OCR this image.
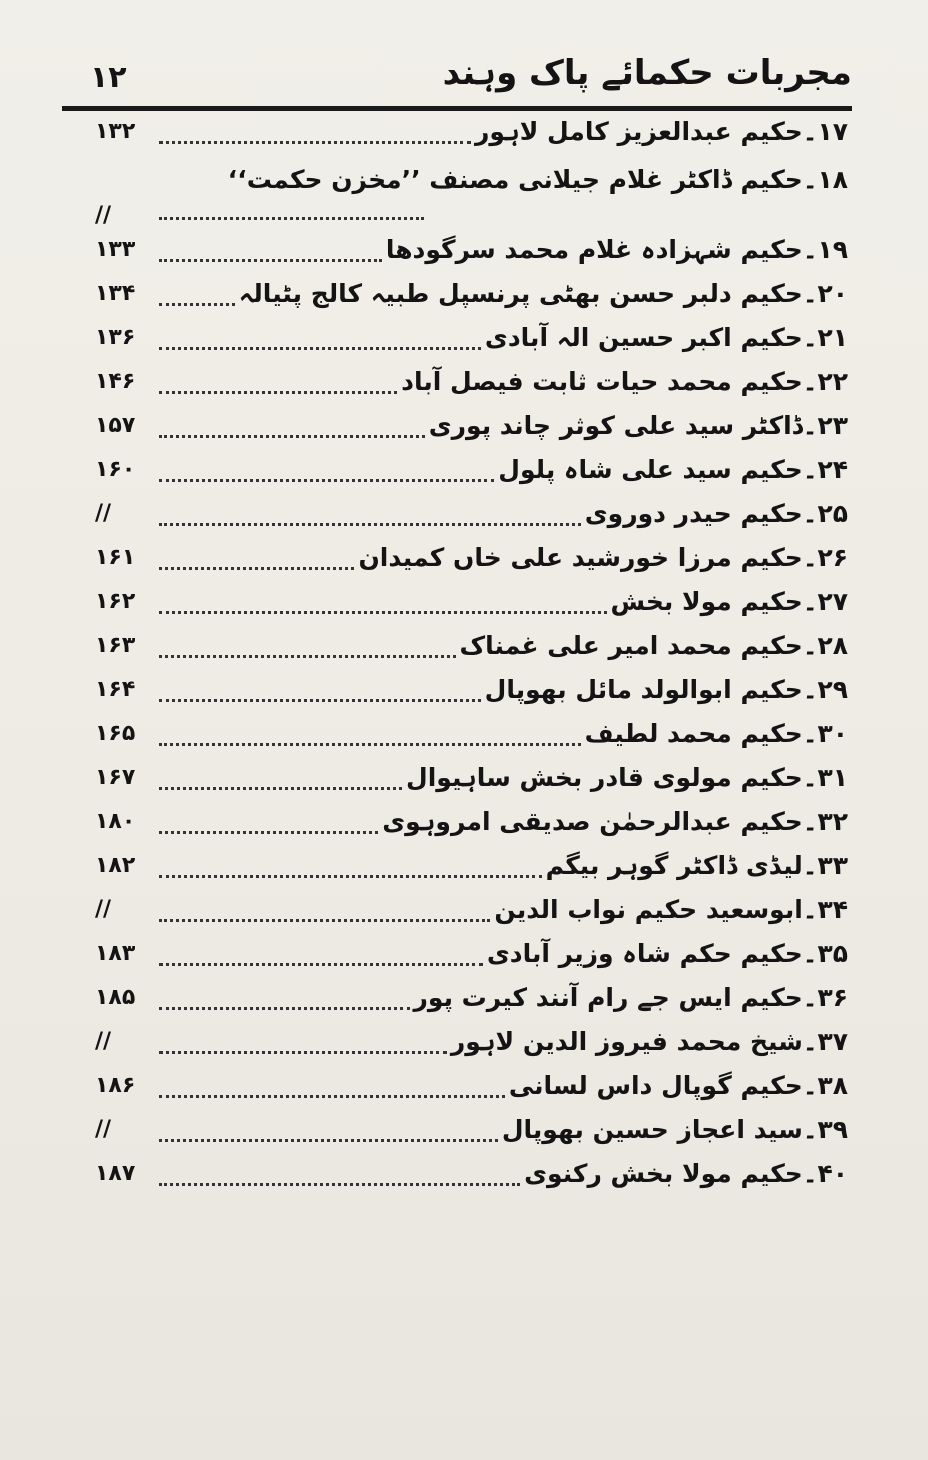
۱۲	مجربات حکمائے پاک وہند
۱۷۔حکیم عبدالعزیز کامل لاہور
۱۳۲
۱۸۔حکیم ڈاکٹر غلام جیلانی مصنف ’’مخزن حکمت‘‘
//
۱۹۔حکیم شہزادہ غلام محمد سرگودھا
۱۳۳
۲۰۔حکیم دلبر حسن بھٹی پرنسپل طبیہ کالج پٹیالہ
۱۳۴
۲۱۔حکیم اکبر حسین الہ آبادی
۱۳۶
۲۲۔حکیم محمد حیات ثابت فیصل آباد
۱۴۶
۲۳۔ڈاکٹر سید علی کوثر چاند پوری
۱۵۷
۲۴۔حکیم سید علی شاہ پلول
۱۶۰
۲۵۔حکیم حیدر دوروی
//
۲۶۔حکیم مرزا خورشید علی خاں کمیدان
۱۶۱
۲۷۔حکیم مولا بخش
۱۶۲
۲۸۔حکیم محمد امیر علی غمناک
۱۶۳
۲۹۔حکیم ابوالولد مائل بھوپال
۱۶۴
۳۰۔حکیم محمد لطیف
۱۶۵
۳۱۔حکیم مولوی قادر بخش ساہیوال
۱۶۷
۳۲۔حکیم عبدالرحمٰن صدیقی امروہوی
۱۸۰
۳۳۔لیڈی ڈاکٹر گوہر بیگم
۱۸۲
۳۴۔ابوسعید حکیم نواب الدین
//
۳۵۔حکیم حکم شاہ وزیر آبادی
۱۸۳
۳۶۔حکیم ایس جے رام آنند کیرت پور
۱۸۵
۳۷۔شیخ محمد فیروز الدین لاہور
//
۳۸۔حکیم گوپال داس لسانی
۱۸۶
۳۹۔سید اعجاز حسین بھوپال
//
۴۰۔حکیم مولا بخش رکنوی
۱۸۷
